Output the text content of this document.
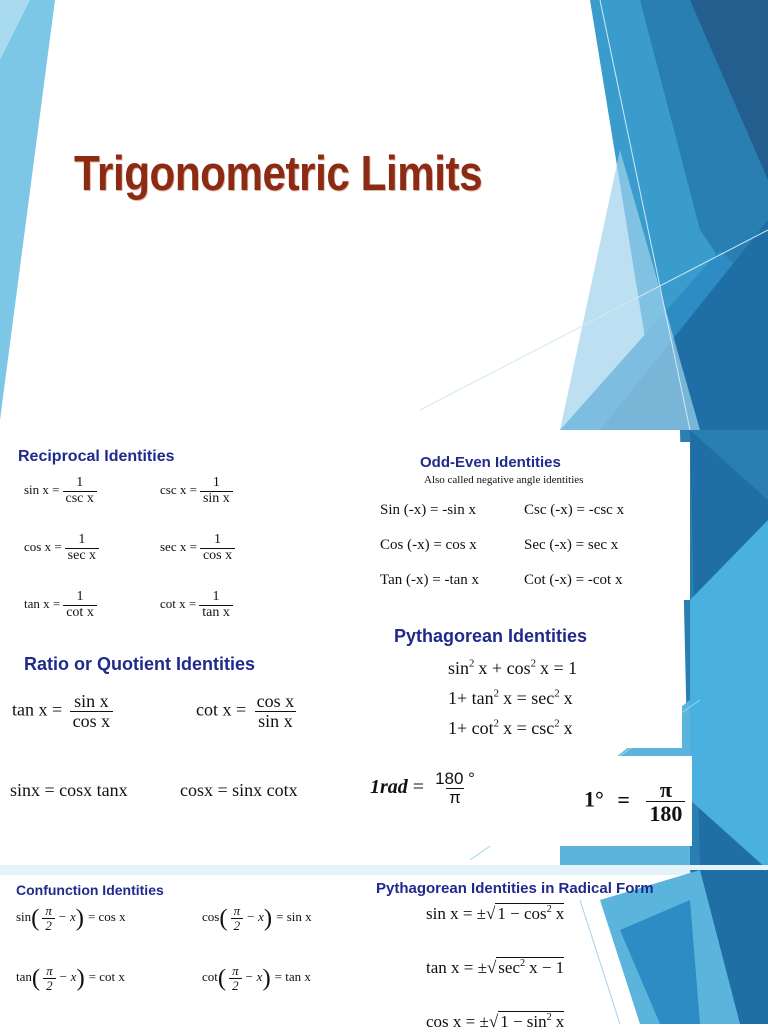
Trigonometric Limits
Reciprocal Identities
$\sin x = \frac{1}{\text{csc x}}$	$\csc x = \frac{1}{\text{sin x}}$
$\cos x = \frac{1}{\text{sec x}}$	$\sec x = \frac{1}{\text{cos x}}$
$\tan x = \frac{1}{\text{cot x}}$	$\cot x = \frac{1}{\text{tan x}}$
Ratio or Quotient Identities
$\tan x = \frac{\text{sin x}}{\text{cos x}}$	$\cot x = \frac{\text{cos x}}{\text{sin x}}$
sinx = cosx tanx	cosx = sinx cotx
Odd-Even Identities
Also called negative angle identities
Sin (-x) = -sin x	Csc (-x) = -csc x
Cos (-x) = cos x	Sec (-x) = sec x
Tan (-x) = -tan x	Cot (-x) = -cot x
Pythagorean Identities
$\sin^2 x + \cos^2 x = 1$
$1+ \tan^2 x = \sec^2 x$
$1+ \cot^2 x = \csc^2 x$
$1rad = \frac{180 ^\circ}{\pi}$	$1^\circ = \frac{\pi}{180}$
Confunction Identities
$\sin( \frac{\pi}{2} - x) = \cos x$	$\cos( \frac{\pi}{2} - x) = \sin x$
$\tan( \frac{\pi}{2} - x) = \cot x$	$\cot( \frac{\pi}{2} - x) = \tan x$
Pythagorean Identities in Radical Form
sin x = ±√ $1 - \cos^2 x$
tan x = ±√ $\sec^2 x - 1$
cos x = ±√ $1 - \sin^2 x$
